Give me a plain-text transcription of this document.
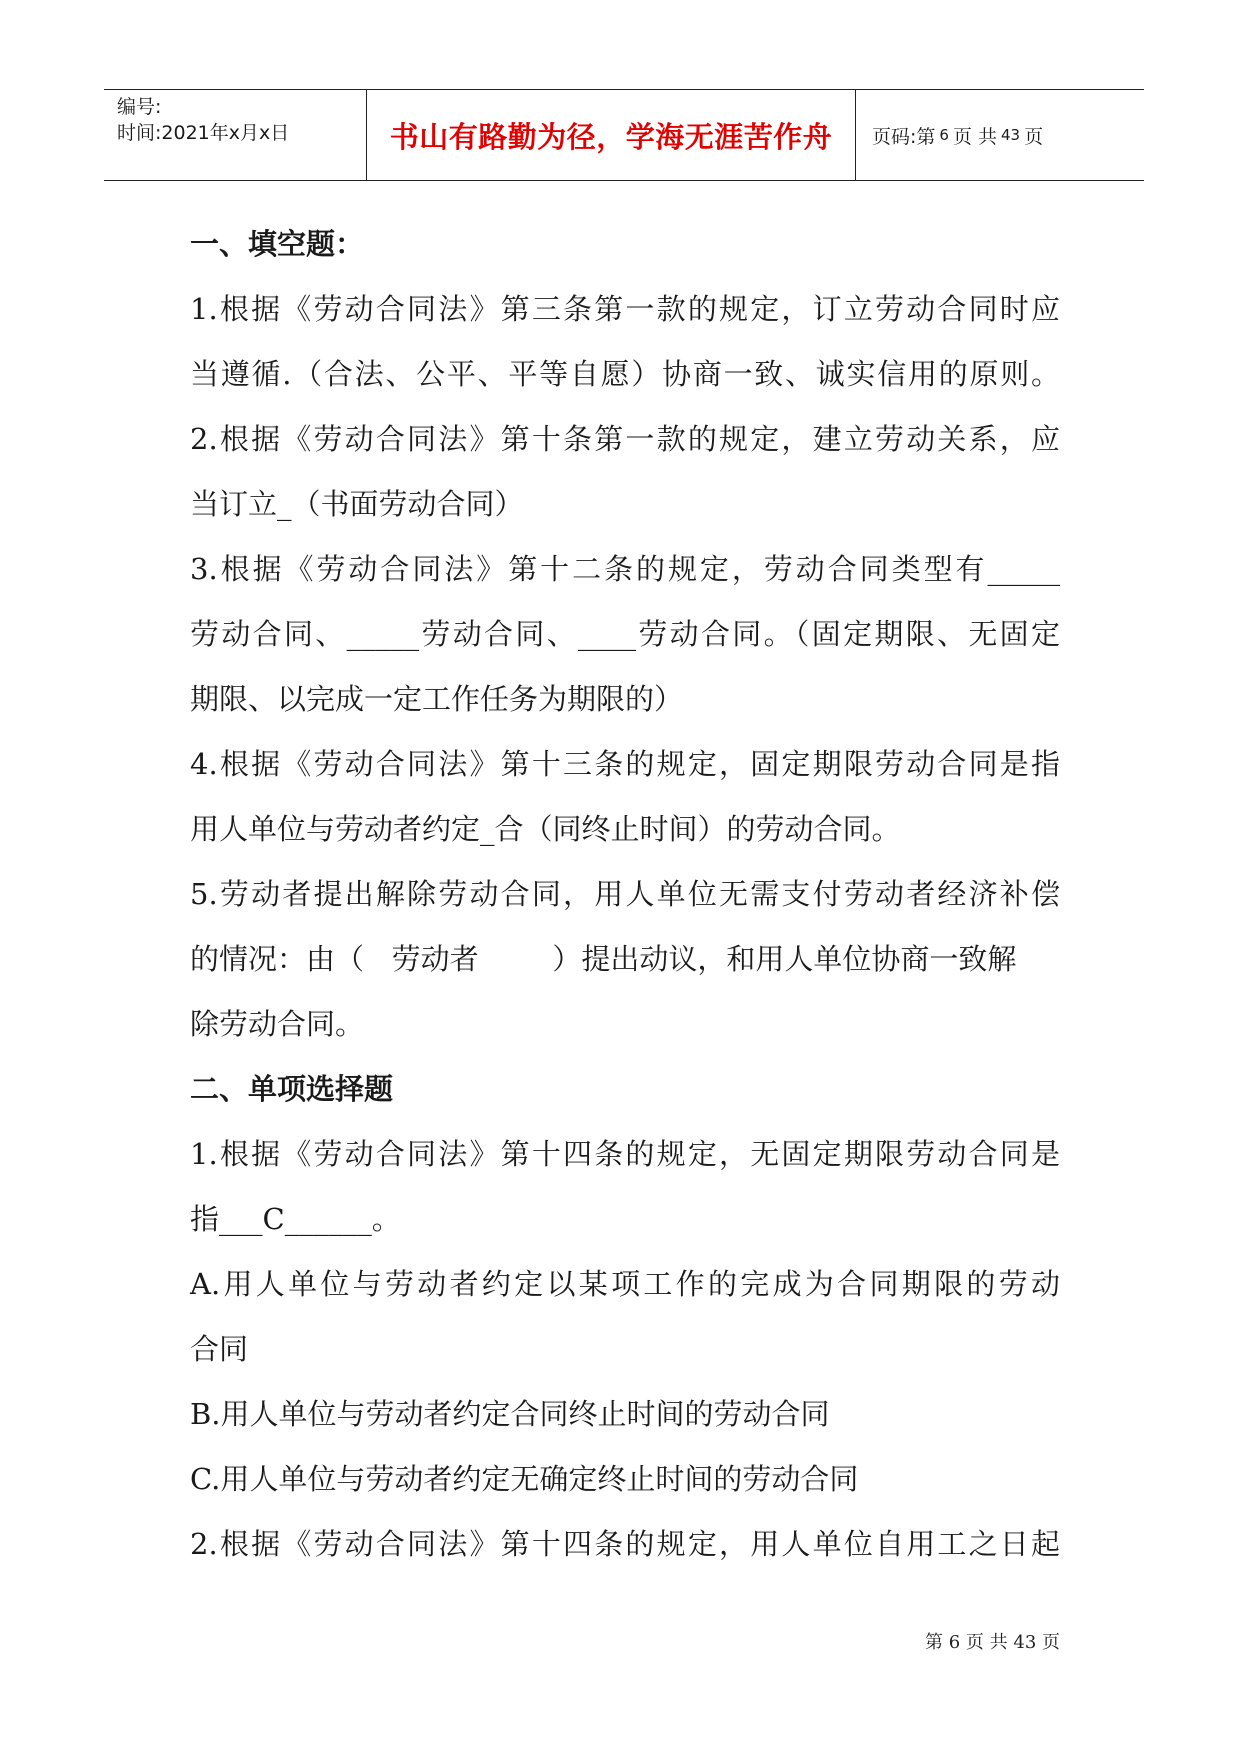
编号:
时间:2021年x月x日	书山有路勤为径，学海无涯苦作舟 页码:第 6 页 共 43 页
一、填空题：
1.根据《劳动合同法》第三条第一款的规定，订立劳动合同时应
当遵循.（合法、公平、平等自愿）协商一致、诚实信用的原则。
2.根据《劳动合同法》第十条第一款的规定，建立劳动关系，应
当订立_（书面劳动合同）
3.根据《劳动合同法》第十二条的规定，劳动合同类型有_____
劳动合同、_____劳动合同、____劳动合同。（固定期限、无固定
期限、以完成一定工作任务为期限的）
4.根据《劳动合同法》第十三条的规定，固定期限劳动合同是指
用人单位与劳动者约定_合（同终止时间）的劳动合同。
5.劳动者提出解除劳动合同，用人单位无需支付劳动者经济补偿
的情况：由（   劳动者        ）提出动议，和用人单位协商一致解
除劳动合同。
二、单项选择题
1.根据《劳动合同法》第十四条的规定，无固定期限劳动合同是
指___C______。
A.用人单位与劳动者约定以某项工作的完成为合同期限的劳动
合同
B.用人单位与劳动者约定合同终止时间的劳动合同
C.用人单位与劳动者约定无确定终止时间的劳动合同
2.根据《劳动合同法》第十四条的规定，用人单位自用工之日起
第 6 页 共 43 页
